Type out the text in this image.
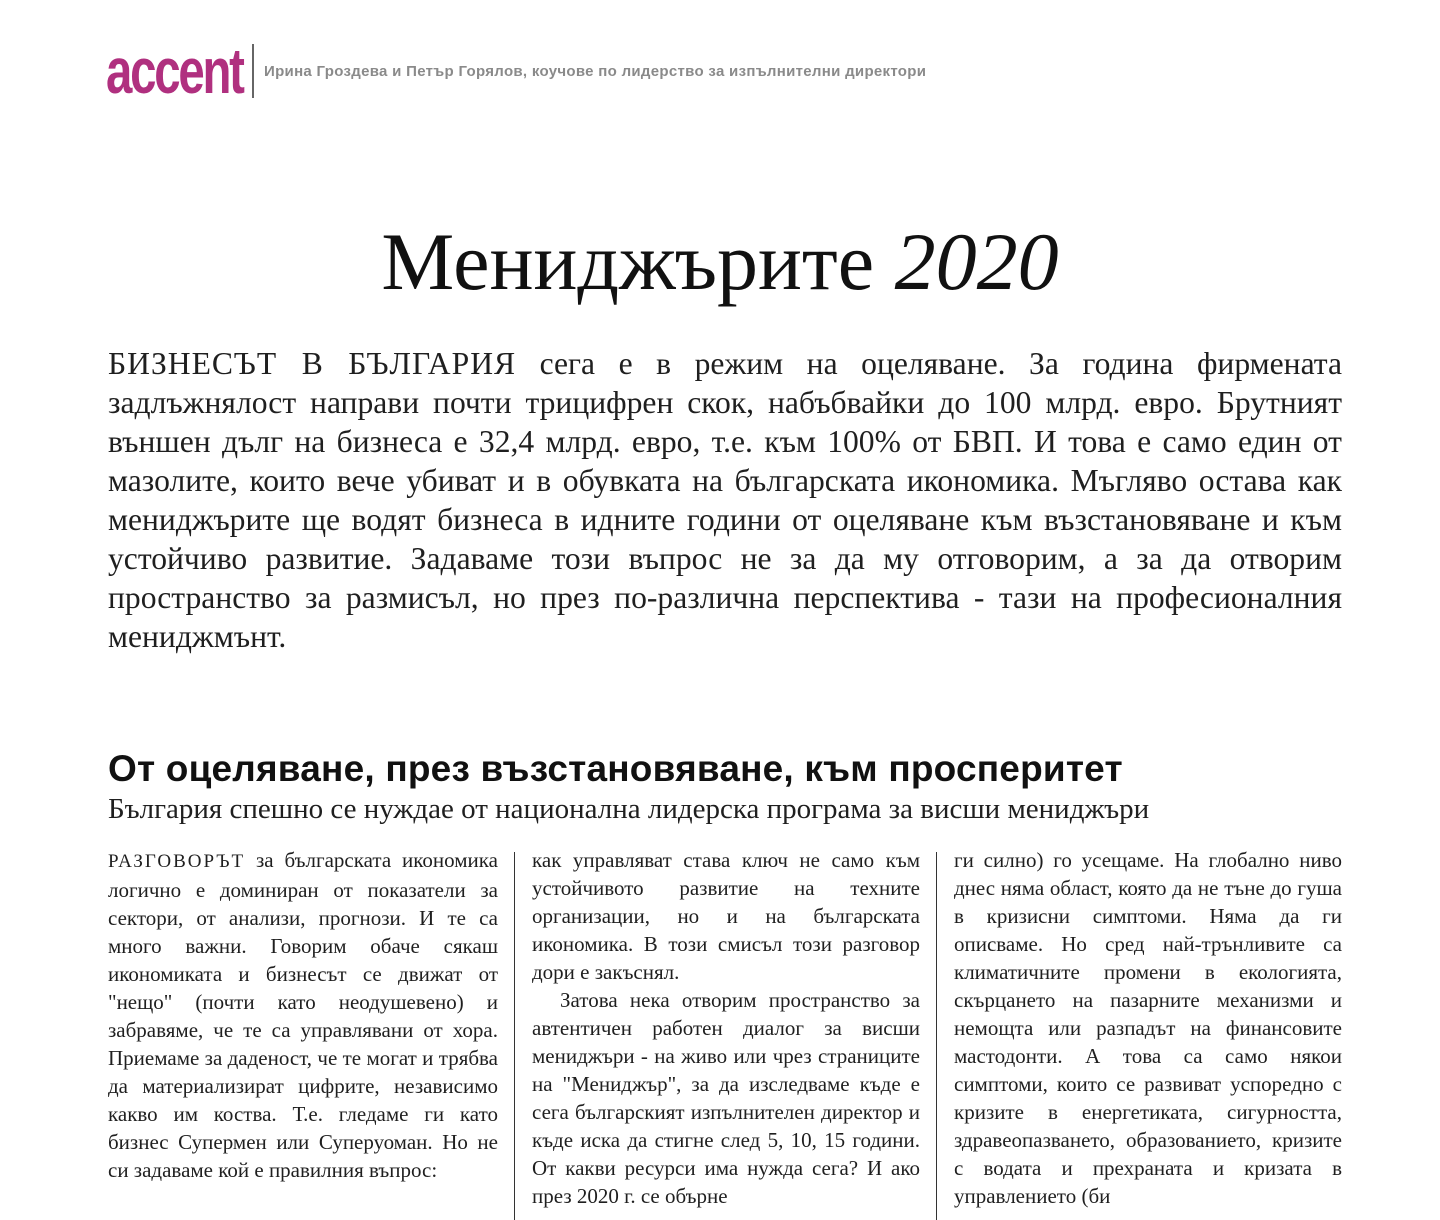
accent Ирина Гроздева и Петър Горялов, коучове по лидерство за изпълнителни директори
Мениджърите 2020

БИЗНЕСЪТ В БЪЛГАРИЯ сега е в режим на оцеляване. За година фирмената задлъжнялост направи почти трицифрен скок, набъбвайки до 100 млрд. евро. Брутният външен дълг на бизнеса е 32,4 млрд. евро, т.е. към 100% от БВП. И това е само един от мазолите, които вече убиват и в обувката на българската икономика. Мъгляво остава как мениджърите ще водят бизнеса в идните години от оцеляване към възстановяване и към устойчиво развитие. Задаваме този въпрос не за да му отговорим, а за да отворим пространство за размисъл, но през по-различна перспектива - тази на професионалния мениджмънт.

От оцеляване, през възстановяване, към просперитет
България спешно се нуждае от национална лидерска програма за висши мениджъри

РАЗГОВОРЪТ за българската икономика логично е доминиран от показатели за сектори, от анализи, прогнози. И те са много важни. Говорим обаче сякаш икономиката и бизнесът се движат от "нещо" (почти като неодушевено) и забравяме, че те са управлявани от хора. Приемаме за даденост, че те могат и трябва да материализират цифрите, независимо какво им коства. Т.е. гледаме ги като бизнес Супермен или Суперуоман. Но не си задаваме кой е правилния въпрос:

как управляват става ключ не само към устойчивото развитие на техните организации, но и на българската икономика. В този смисъл този разговор дори е закъснял.

Затова нека отворим пространство за автентичен работен диалог за висши мениджъри - на живо или чрез страниците на "Мениджър", за да изследваме къде е сега българският изпълнителен директор и къде иска да стигне след 5, 10, 15 години. От какви ресурси има нужда сега? И ако през 2020 г. се обърне

ги силно) го усещаме. На глобално ниво днес няма област, която да не тъне до гуша в кризисни симптоми. Няма да ги описваме. Но сред най-трънливите са климатичните промени в екологията, скърцането на пазарните механизми и немощта или разпадът на финансовите мастодонти. А това са само някои симптоми, които се развиват успоредно с кризите в енергетиката, сигурността, здравеопазването, образованието, кризите с водата и прехраната и кризата в управлението (би
